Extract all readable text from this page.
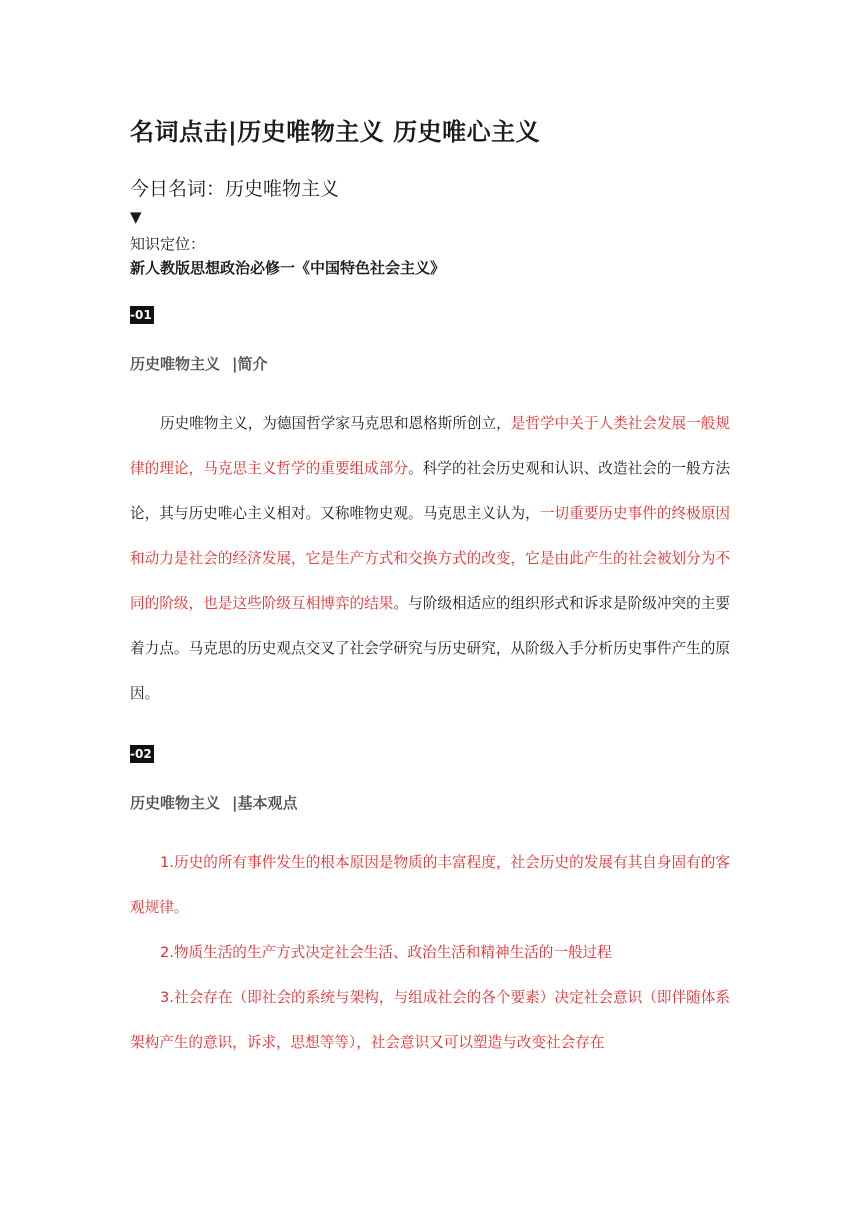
名词点击|历史唯物主义 历史唯心主义
今日名词：历史唯物主义
▼
知识定位：
新人教版思想政治必修一《中国特色社会主义》
-01
历史唯物主义 |简介
历史唯物主义，为德国哲学家马克思和恩格斯所创立，是哲学中关于人类社会发展一般规律的理论，马克思主义哲学的重要组成部分。科学的社会历史观和认识、改造社会的一般方法论，其与历史唯心主义相对。又称唯物史观。马克思主义认为，一切重要历史事件的终极原因和动力是社会的经济发展，它是生产方式和交换方式的改变，它是由此产生的社会被划分为不同的阶级，也是这些阶级互相博弈的结果。与阶级相适应的组织形式和诉求是阶级冲突的主要着力点。马克思的历史观点交叉了社会学研究与历史研究，从阶级入手分析历史事件产生的原因。
-02
历史唯物主义 |基本观点
1.历史的所有事件发生的根本原因是物质的丰富程度，社会历史的发展有其自身固有的客观规律。
2.物质生活的生产方式决定社会生活、政治生活和精神生活的一般过程
3.社会存在（即社会的系统与架构，与组成社会的各个要素）决定社会意识（即伴随体系架构产生的意识，诉求，思想等等），社会意识又可以塑造与改变社会存在
